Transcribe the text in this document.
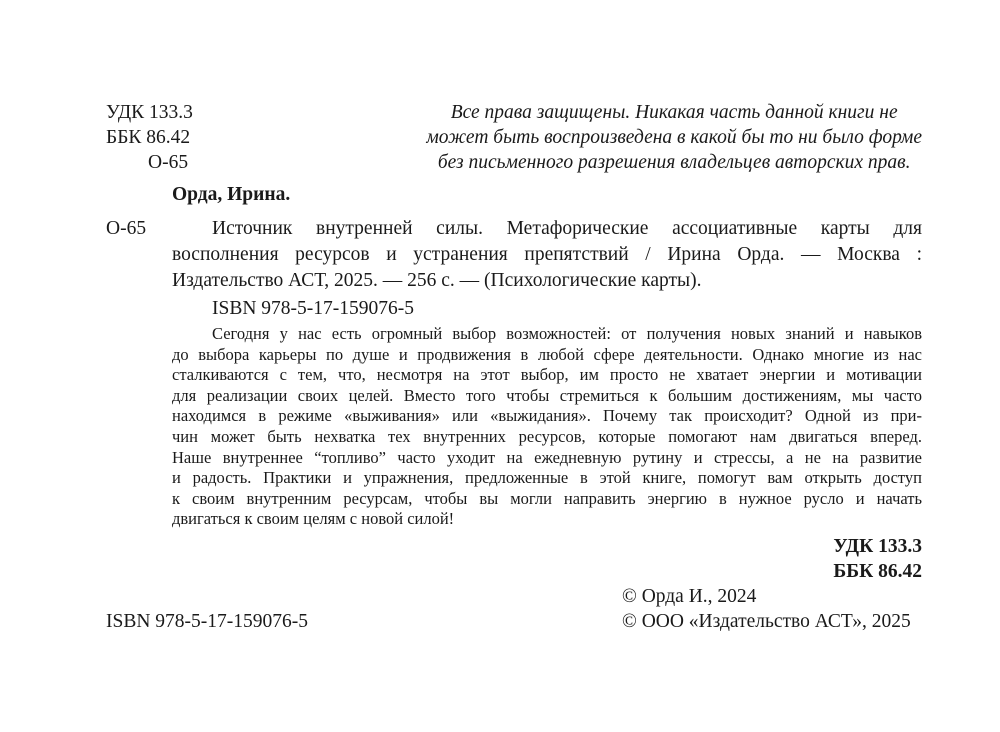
УДК 133.3
ББК 86.42
О-65
Все права защищены. Никакая часть данной книги не
может быть воспроизведена в какой бы то ни было форме
без письменного разрешения владельцев авторских прав.

Орда, Ирина.

О-65	Источник внутренней силы. Метафорические ассоциативные карты для
восполнения ресурсов и устранения препятствий / Ирина Орда. — Москва :
Издательство АСТ, 2025. — 256 с. — (Психологические карты).

ISBN 978-5-17-159076-5

Сегодня у нас есть огромный выбор возможностей: от получения новых знаний и навыков
до выбора карьеры по душе и продвижения в любой сфере деятельности. Однако многие из нас
сталкиваются с тем, что, несмотря на этот выбор, им просто не хватает энергии и мотивации
для реализации своих целей. Вместо того чтобы стремиться к большим достижениям, мы часто
находимся в режиме «выживания» или «выжидания». Почему так происходит? Одной из при-
чин может быть нехватка тех внутренних ресурсов, которые помогают нам двигаться вперед.
Наше внутреннее “топливо” часто уходит на ежедневную рутину и стрессы, а не на развитие
и радость. Практики и упражнения, предложенные в этой книге, помогут вам открыть доступ
к своим внутренним ресурсам, чтобы вы могли направить энергию в нужное русло и начать
двигаться к своим целям с новой силой!
УДК 133.3
ББК 86.42
© Орда И., 2024
© ООО «Издательство АСТ», 2025

ISBN 978-5-17-159076-5
